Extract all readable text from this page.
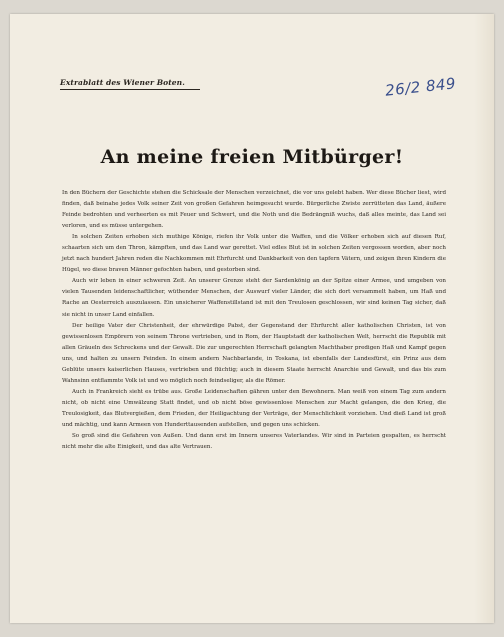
Extrablatt des Wiener Boten.	26/2 849
An meine freien Mitbürger!

In den Büchern der Geschichte stehen die Schicksale der Menschen verzeichnet, die vor uns gelebt haben. Wer diese Bücher liest, wird finden, daß beinahe jedes Volk seiner Zeit von großen Gefahren heimgesucht wurde. Bürgerliche Zwiste zerrütteten das Land, äußere Feinde bedrohten und verheerten es mit Feuer und Schwert, und die Noth und die Bedrängniß wuchs, daß alles meinte, das Land sei verloren, und es müsse untergehen.

In solchen Zeiten erhoben sich muthige Könige, riefen ihr Volk unter die Waffen, und die Völker erhoben sich auf diesen Ruf, schaarten sich um den Thron, kämpften, und das Land war gerettet. Viel edles Blut ist in solchen Zeiten vergossen worden, aber noch jetzt nach hundert Jahren reden die Nachkommen mit Ehrfurcht und Dankbarkeit von den tapfern Vätern, und zeigen ihren Kindern die Hügel, wo diese braven Männer gefochten haben, und gestorben sind.

Auch wir leben in einer schweren Zeit. An unserer Grenze steht der Sardenkönig an der Spitze einer Armee, und umgeben von vielen Tausenden leidenschaftlicher, wüthender Menschen, der Auswurf vieler Länder, die sich dort versammelt haben, um Haß und Rache an Oesterreich auszulassen. Ein unsicherer Waffenstillstand ist mit den Treulosen geschlossen, wir sind keinen Tag sicher, daß sie nicht in unser Land einfallen.

Der heilige Vater der Christenheit, der ehrwürdige Pabst, der Gegenstand der Ehrfurcht aller katholischen Christen, ist von gewissenlosen Empörern von seinem Throne vertrieben, und in Rom, der Hauptstadt der katholischen Welt, herrscht die Republik mit allen Gräueln des Schreckens und der Gewalt. Die zur ungerechten Herrschaft gelangten Machthaber predigen Haß und Kampf gegen uns, und halten zu unsern Feinden. In einem andern Nachbarlande, in Toskana, ist ebenfalls der Landesfürst, ein Prinz aus dem Geblüte unsers kaiserlichen Hauses, vertrieben und flüchtig; auch in diesem Staate herrscht Anarchie und Gewalt, und das bis zum Wahnsinn entflammte Volk ist und wo möglich noch feindseliger, als die Römer.

Auch in Frankreich sieht es trübe aus. Große Leidenschaften gähren unter den Bewohnern. Man weiß von einem Tag zum andern nicht, ob nicht eine Umwälzung Statt findet, und ob nicht böse gewissenlose Menschen zur Macht gelangen, die den Krieg, die Treulosigkeit, das Blutvergießen, dem Frieden, der Heiligachtung der Verträge, der Menschlichkeit vorziehen. Und dieß Land ist groß und mächtig, und kann Armeen von Hunderttausenden aufstellen, und gegen uns schicken.

So groß sind die Gefahren von Außen. Und dann erst im Innern unseres Vaterlandes. Wir sind in Parteien gespalten, es herrscht nicht mehr die alte Einigkeit, und das alte Vertrauen.
